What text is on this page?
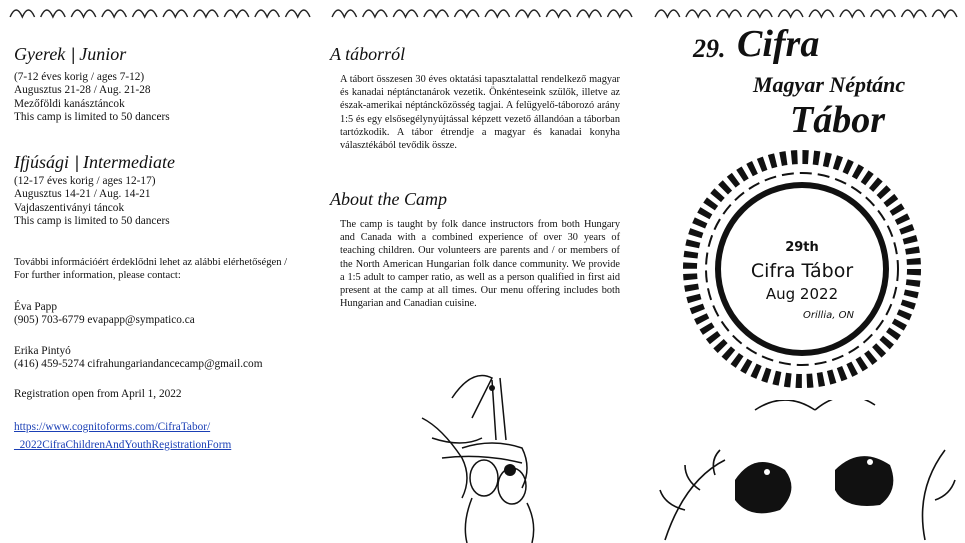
Gyerek | Junior

(7-12 éves korig / ages 7-12)

Augusztus 21-28 / Aug. 21-28

Mezőföldi kanásztáncok

This camp is limited to 50 dancers

Ifjúsági | Intermediate

(12-17 éves korig / ages 12-17)

Augusztus 14-21 / Aug. 14-21

Vajdaszentiványi táncok

This camp is limited to 50 dancers

További információért érdeklődni lehet az alábbi elérhetőségen /

For further information, please contact:

Éva Papp

(905) 703-6779 evapapp@sympatico.ca

Erika Pintyó

(416) 459-5274 cifrahungariandancecamp@gmail.com

Registration open from April 1, 2022

https://www.cognitoforms.com/CifraTabor/
_2022CifraChildrenAndYouthRegistrationForm

A táborról

A tábort összesen 30 éves oktatási tapasztalattal rendelkező magyar és kanadai néptánctanárok vezetik. Önkénteseink szülők, illetve az észak-amerikai néptáncközösség tagjai. A felügyelő-táborozó arány 1:5 és egy elsősegélynyújtással képzett vezető állandóan a táborban tartózkodik. A tábor étrendje a magyar és kanadai konyha választékából tevődik össze.

About the Camp

The camp is taught by folk dance instructors from both Hungary and Canada with a combined experience of over 30 years of teaching children. Our volunteers are parents and / or members of the North American Hungarian folk dance community. We provide a 1:5 adult to camper ratio, as well as a person qualified in first aid present at the camp at all times. Our menu offering includes both Hungarian and Canadian cuisine.

29. Cifra
Magyar Néptánc
Tábor
29th
Cifra Tábor
Aug 2022
Orillia, ON
